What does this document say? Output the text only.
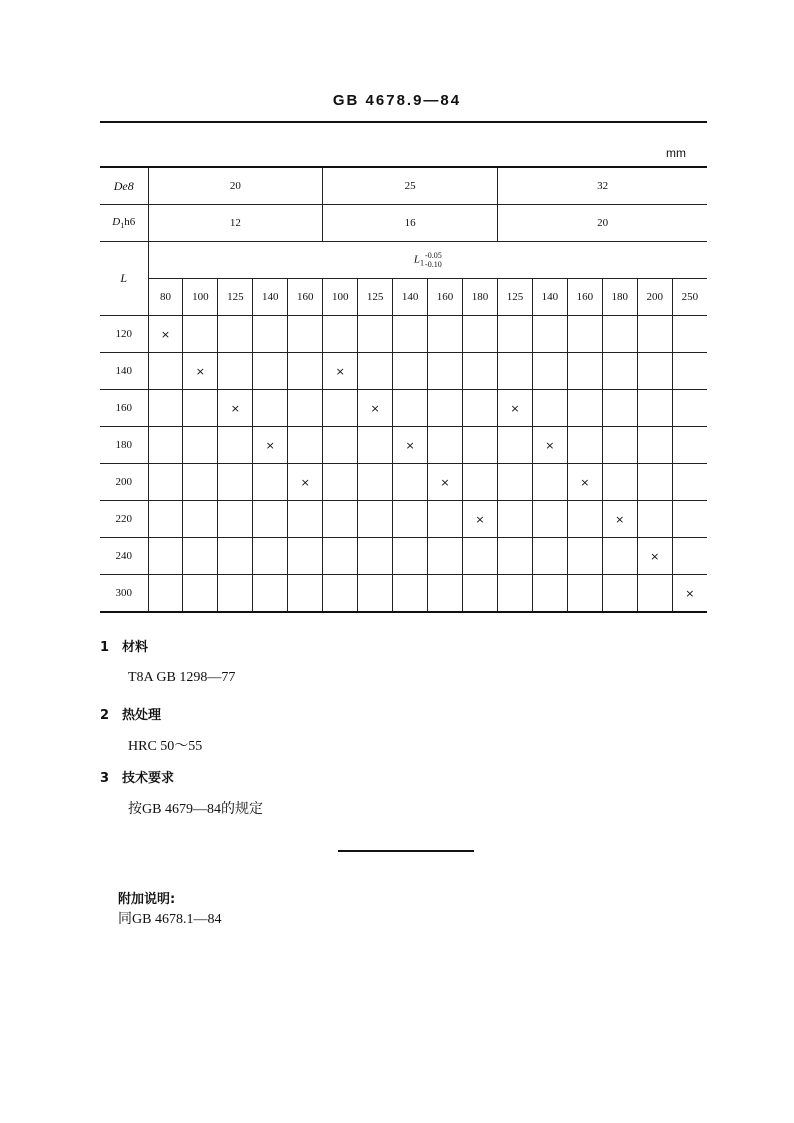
GB 4678.9—84
mm
De8	20					25					32					
$D_1h6$	12					16					20					
L	$L_1-0.05$
-0.10															
	80	100	125	140	160	100	125	140	160	180	125	140	160	180	200	250
120	×															
140		×				×										
160			×				×				×					
180				×				×				×				
200					×				×				×			
220										×				×		
240															×	
300																×
1 材料
T8A GB 1298—77
2 热处理
HRC 50～55
3 技术要求
按GB 4679—84的规定
附加说明:
同GB 4678.1—84
